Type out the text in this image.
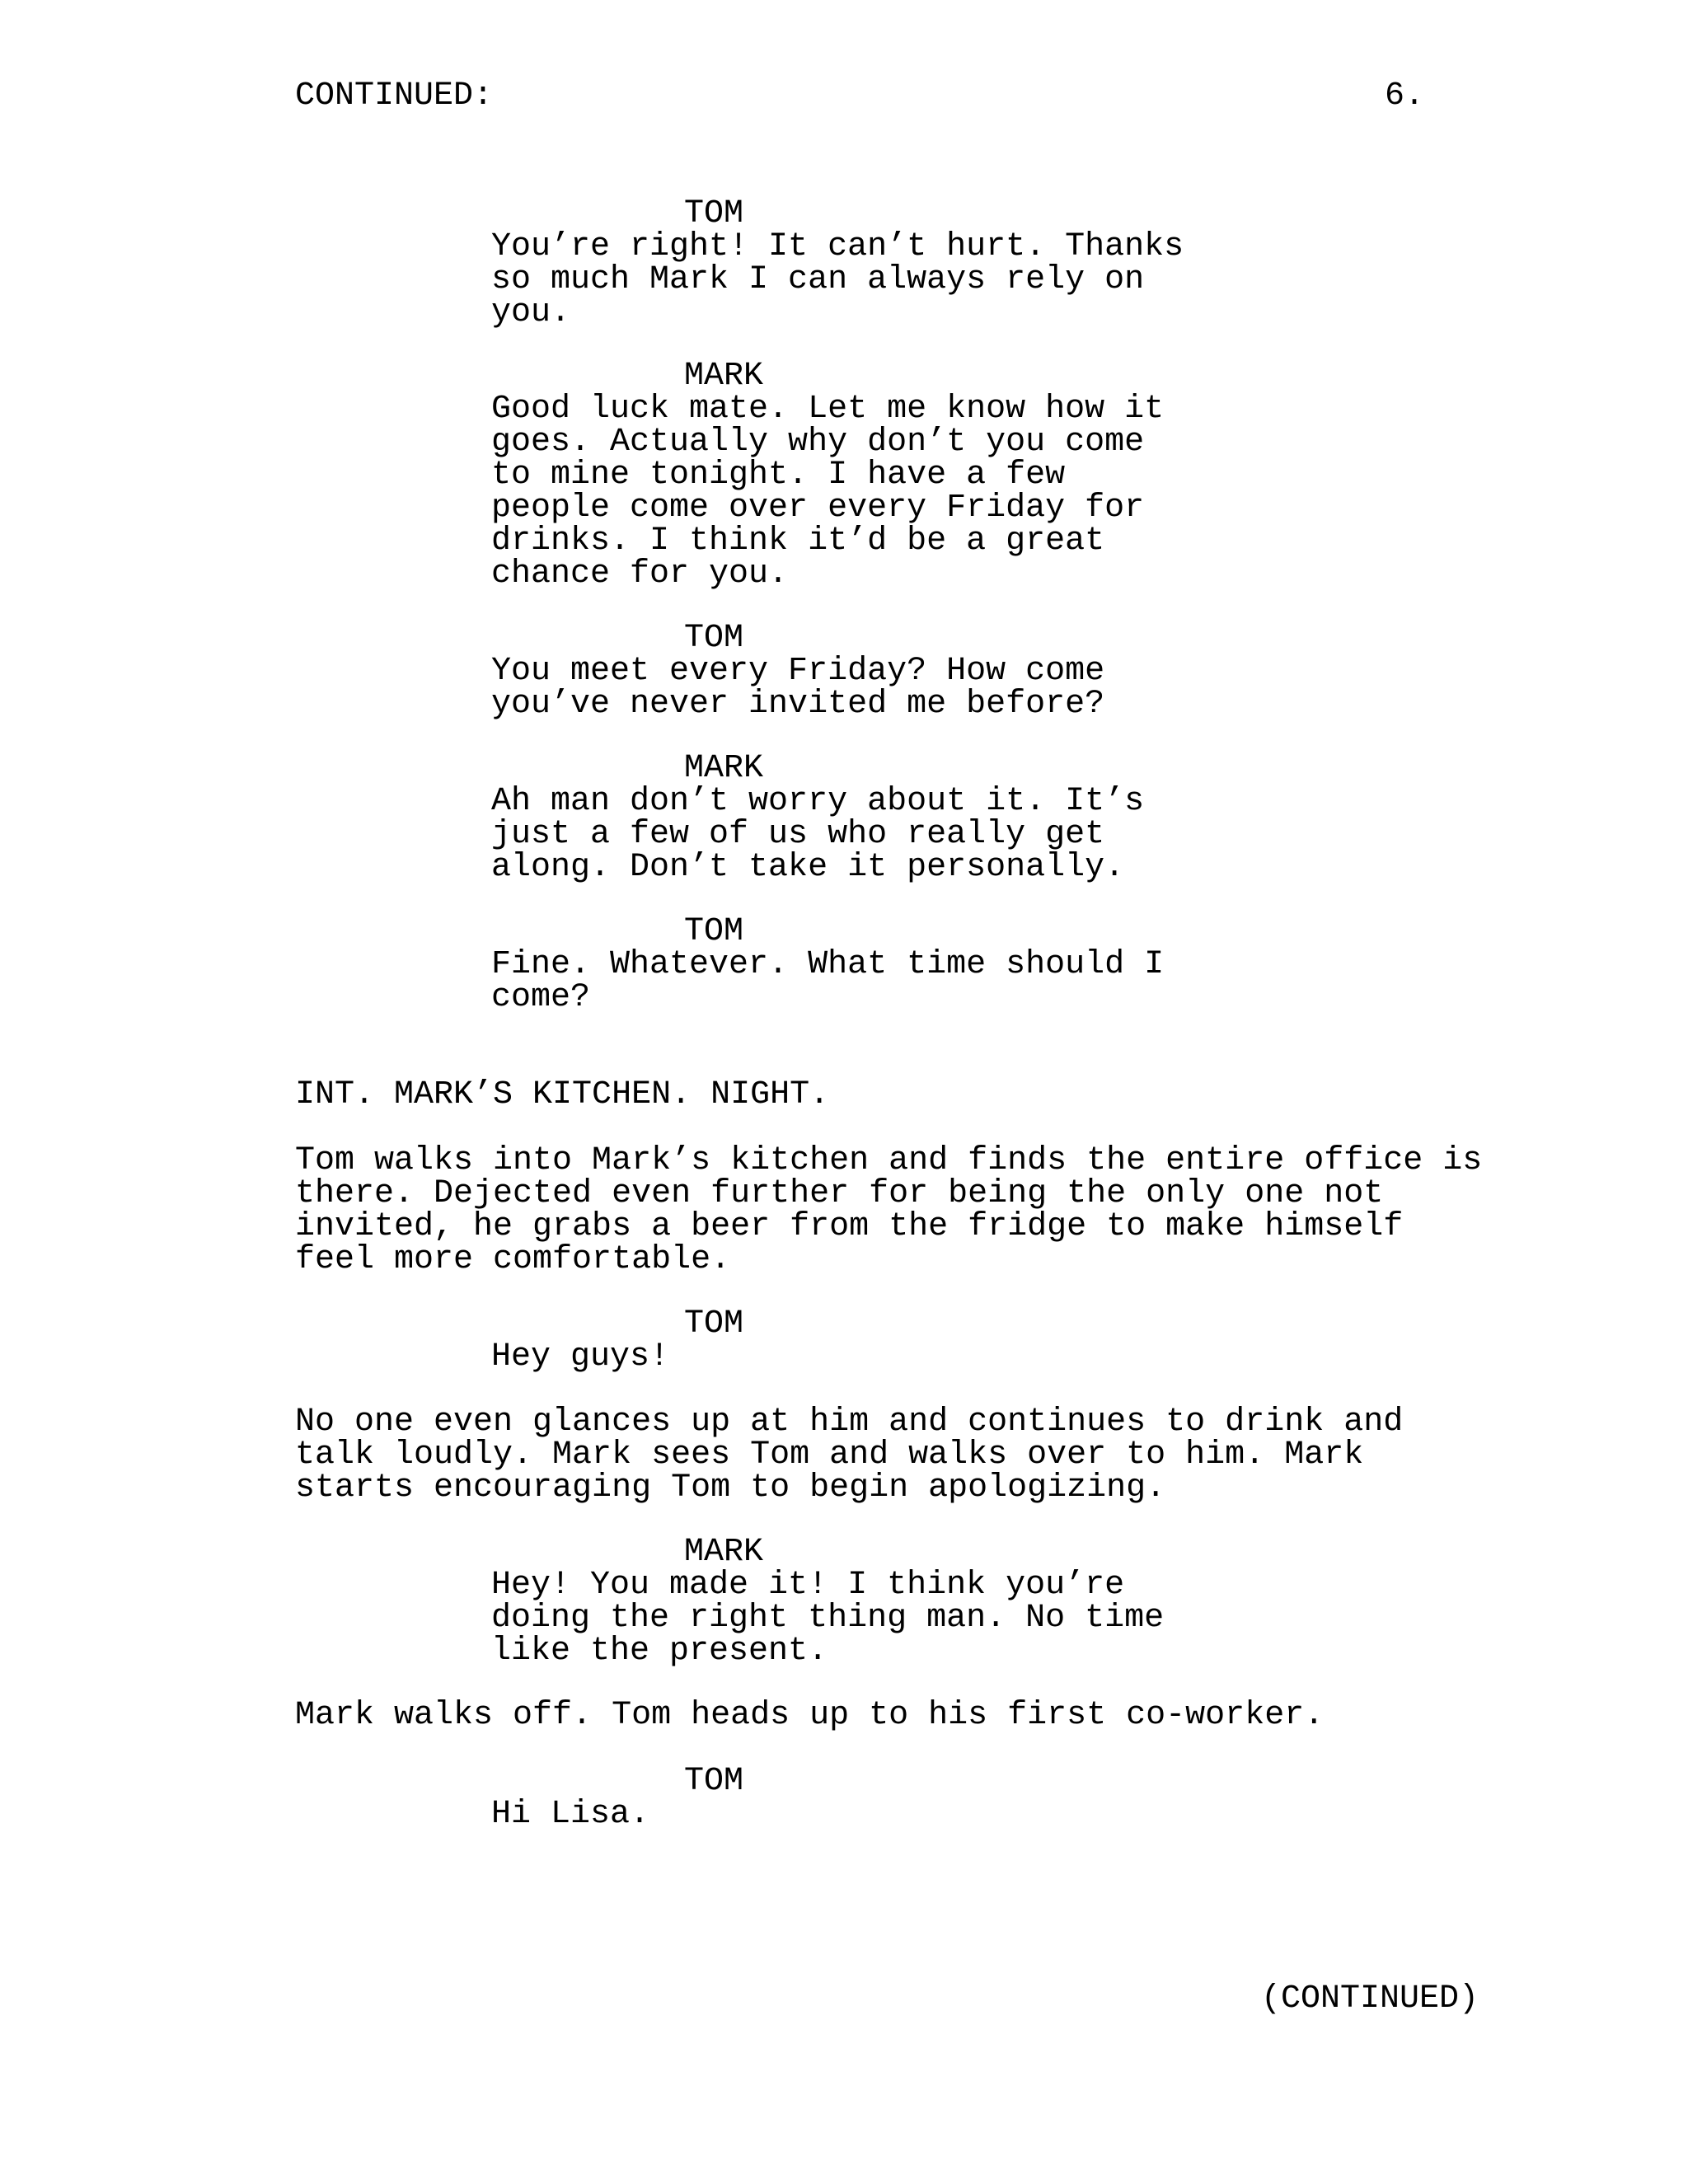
CONTINUED:	6.
TOM
You’re right! It can’t hurt. Thanks
so much Mark I can always rely on
you.
MARK
Good luck mate. Let me know how it
goes. Actually why don’t you come
to mine tonight. I have a few
people come over every Friday for
drinks. I think it’d be a great
chance for you.
TOM
You meet every Friday? How come
you’ve never invited me before?
MARK
Ah man don’t worry about it. It’s
just a few of us who really get
along. Don’t take it personally.
TOM
Fine. Whatever. What time should I
come?
INT. MARK’S KITCHEN. NIGHT.
Tom walks into Mark’s kitchen and finds the entire office is
there. Dejected even further for being the only one not
invited, he grabs a beer from the fridge to make himself
feel more comfortable.
TOM
Hey guys!
No one even glances up at him and continues to drink and
talk loudly. Mark sees Tom and walks over to him. Mark
starts encouraging Tom to begin apologizing.
MARK
Hey! You made it! I think you’re
doing the right thing man. No time
like the present.
Mark walks off. Tom heads up to his first co-worker.
TOM
Hi Lisa.
(CONTINUED)
